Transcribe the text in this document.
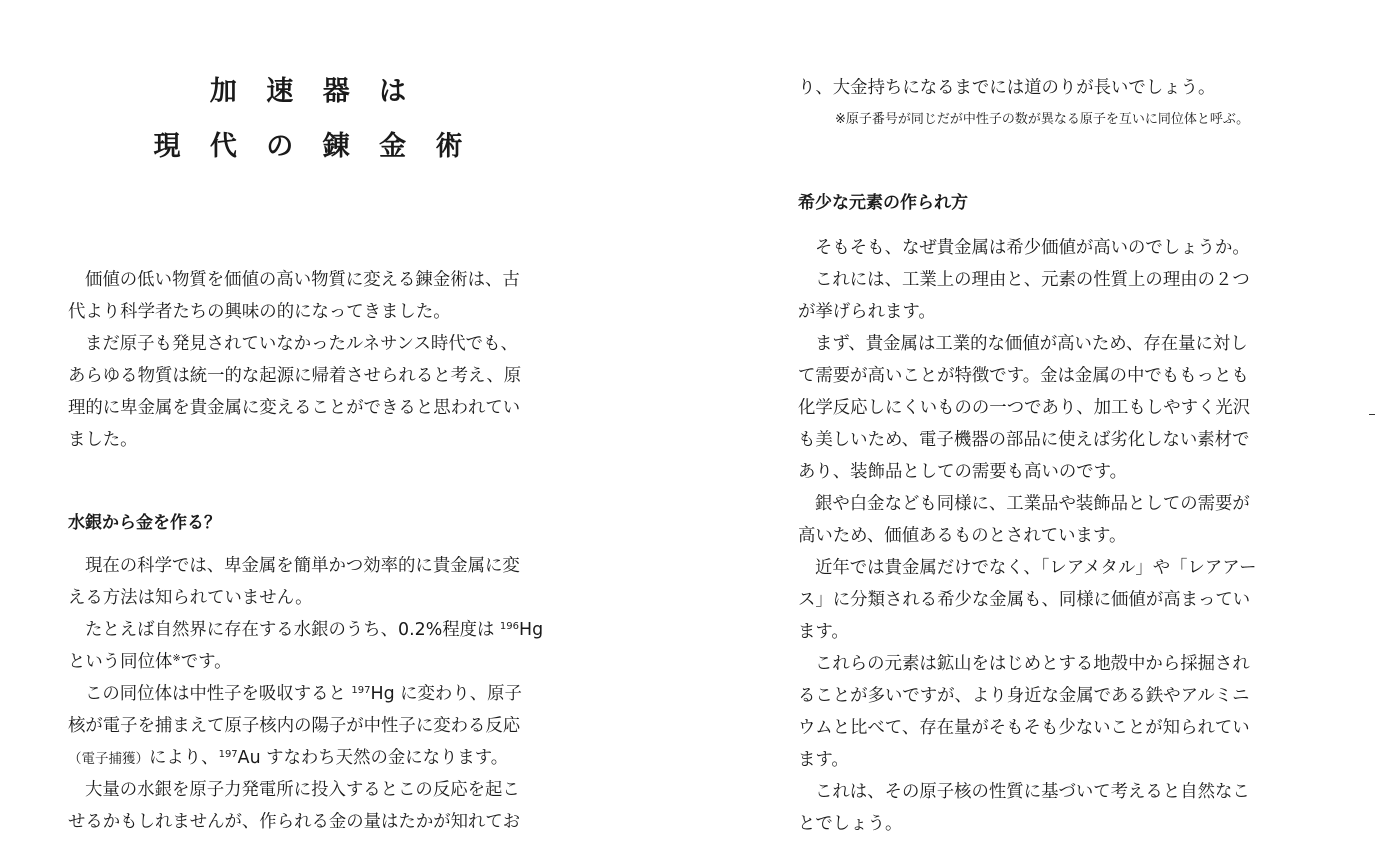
加 速 器 は
現 代 の 錬 金 術
価値の低い物質を価値の高い物質に変える錬金術は、古
代より科学者たちの興味の的になってきました。
まだ原子も発見されていなかったルネサンス時代でも、
あらゆる物質は統一的な起源に帰着させられると考え、原
理的に卑金属を貴金属に変えることができると思われてい
ました。
水銀から金を作る？
現在の科学では、卑金属を簡単かつ効率的に貴金属に変
える方法は知られていません。
たとえば自然界に存在する水銀のうち、0.2%程度は $^{196}$Hg
という同位体※です。
この同位体は中性子を吸収すると $^{197}$Hg に変わり、原子
核が電子を捕まえて原子核内の陽子が中性子に変わる反応
（電子捕獲）により、$^{197}$Au すなわち天然の金になります。
大量の水銀を原子力発電所に投入するとこの反応を起こ
せるかもしれませんが、作られる金の量はたかが知れてお
り、大金持ちになるまでには道のりが長いでしょう。

※原子番号が同じだが中性子の数が異なる原子を互いに同位体と呼ぶ。

希少な元素の作られ方
そもそも、なぜ貴金属は希少価値が高いのでしょうか。
これには、工業上の理由と、元素の性質上の理由の２つ
が挙げられます。
まず、貴金属は工業的な価値が高いため、存在量に対し
て需要が高いことが特徴です。金は金属の中でももっとも
化学反応しにくいものの一つであり、加工もしやすく光沢
も美しいため、電子機器の部品に使えば劣化しない素材で
あり、装飾品としての需要も高いのです。
銀や白金なども同様に、工業品や装飾品としての需要が
高いため、価値あるものとされています。
近年では貴金属だけでなく、「レアメタル」や「レアアー
ス」に分類される希少な金属も、同様に価値が高まってい
ます。
これらの元素は鉱山をはじめとする地殻中から採掘され
ることが多いですが、より身近な金属である鉄やアルミニ
ウムと比べて、存在量がそもそも少ないことが知られてい
ます。
これは、その原子核の性質に基づいて考えると自然なこ
とでしょう。
